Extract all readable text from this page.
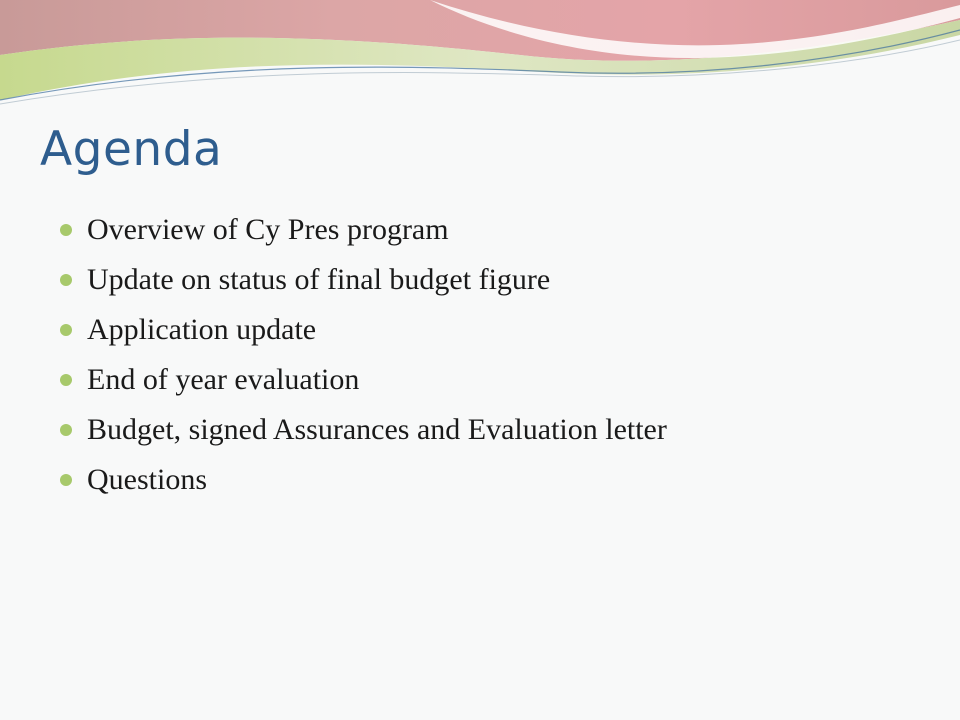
Agenda
Overview of Cy Pres program
Update on status of final budget figure
Application update
End of year evaluation
Budget, signed Assurances and Evaluation letter
Questions
